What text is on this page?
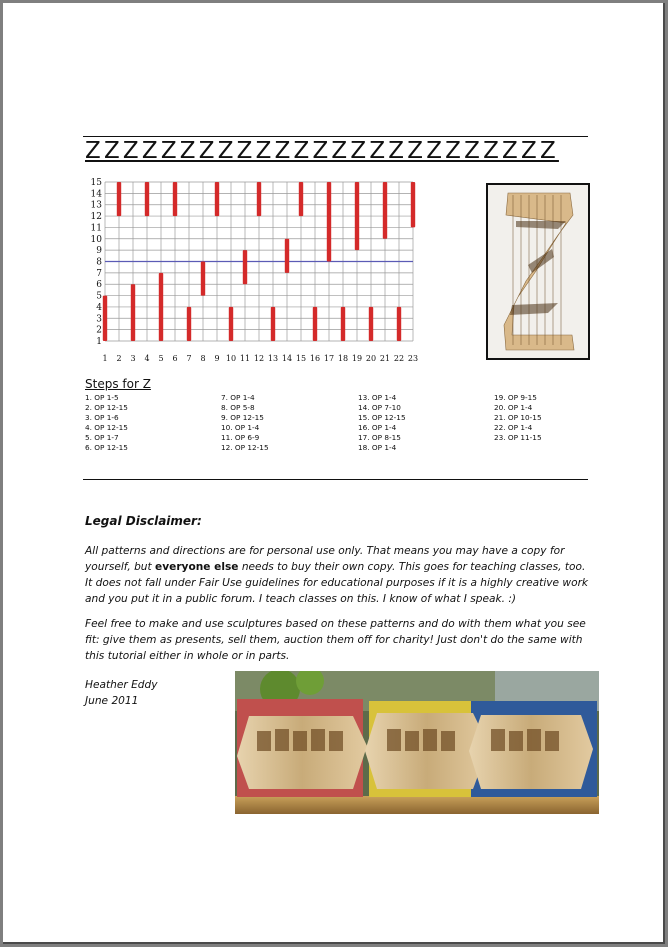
ZZZZZZZZZZZZZZZZZZZZZZZZZ
1
2
3
4
5
6
7
8
9
10
11
12
13
14
15
1 2 3 4 5 6 7 8 9 10 11 12 13 14 15 16 17 18 19 20 21 22 23
Steps for Z
1. OP 1-5
2. OP 12-15
3. OP 1-6
4. OP 12-15
5. OP 1-7
6. OP 12-15
7. OP 1-4
8. OP 5-8
9. OP 12-15
10. OP 1-4
11. OP 6-9
12. OP 12-15
13. OP 1-4
14. OP 7-10
15. OP 12-15
16. OP 1-4
17. OP 8-15
18. OP 1-4
19. OP 9-15
20. OP 1-4
21. OP 10-15
22. OP 1-4
23. OP 11-15
Legal Disclaimer:
All patterns and directions are for personal use only. That means you may have a copy for yourself, but everyone else needs to buy their own copy. This goes for teaching classes, too. It does not fall under Fair Use guidelines for educational purposes if it is a highly creative work and you put it in a public forum. I teach classes on this. I know of what I speak. :)
Feel free to make and use sculptures based on these patterns and do with them what you see fit: give them as presents, sell them, auction them off for charity! Just don't do the same with this tutorial either in whole or in parts.
Heather Eddy
June 2011
